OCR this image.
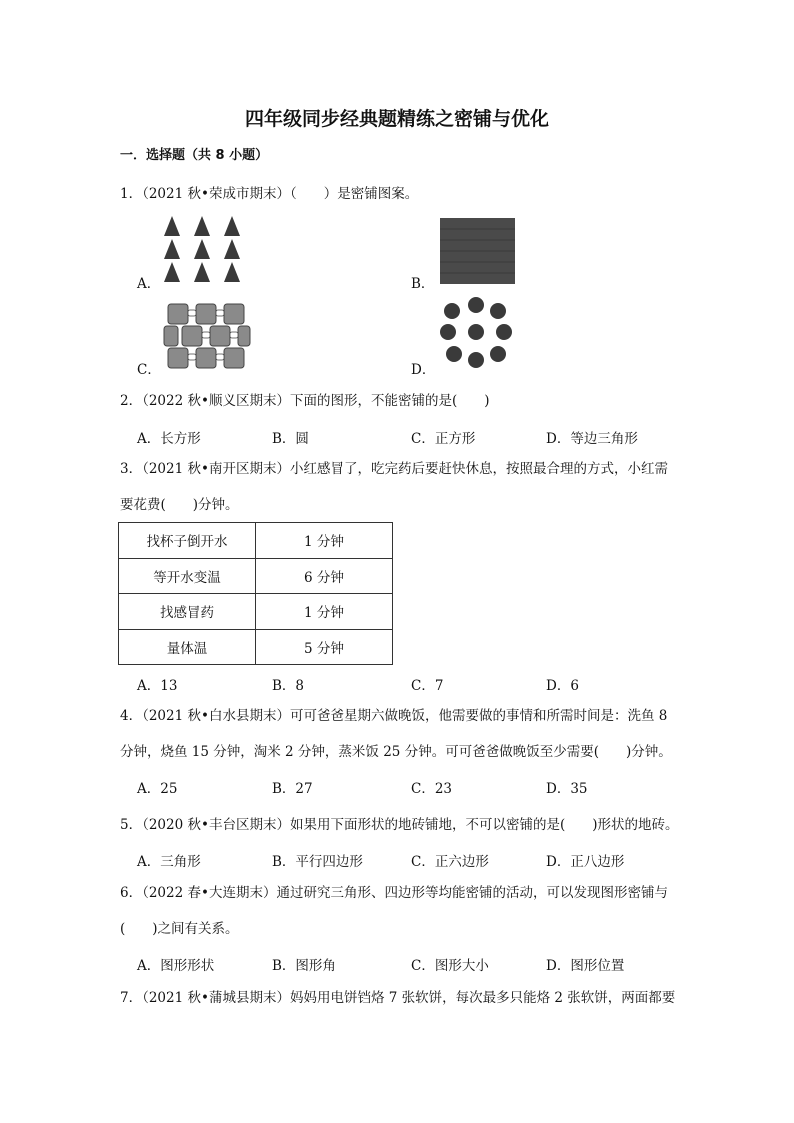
四年级同步经典题精练之密铺与优化
一．选择题（共 8 小题）
1．（2021 秋•荣成市期末）（　　）是密铺图案。
A．	B．
C．	D．
2．（2022 秋•顺义区期末）下面的图形，不能密铺的是(　　)
A．长方形	B．圆	C．正方形	D．等边三角形
3．（2021 秋•南开区期末）小红感冒了，吃完药后要赶快休息，按照最合理的方式，小红需
要花费(　　)分钟。
找杯子倒开水	1 分钟
等开水变温	6 分钟
找感冒药	1 分钟
量体温	5 分钟
A．13	B．8	C．7	D．6
4．（2021 秋•白水县期末）可可爸爸星期六做晚饭，他需要做的事情和所需时间是：洗鱼 8
分钟，烧鱼 15 分钟，淘米 2 分钟，蒸米饭 25 分钟。可可爸爸做晚饭至少需要(　　)分钟。
A．25	B．27	C．23	D．35
5．（2020 秋•丰台区期末）如果用下面形状的地砖铺地，不可以密铺的是(　　)形状的地砖。
A．三角形	B．平行四边形	C．正六边形	D．正八边形
6．（2022 春•大连期末）通过研究三角形、四边形等均能密铺的活动，可以发现图形密铺与
(　　)之间有关系。
A．图形形状	B．图形角	C．图形大小	D．图形位置
7．（2021 秋•蒲城县期末）妈妈用电饼铛烙 7 张软饼，每次最多只能烙 2 张软饼，两面都要
